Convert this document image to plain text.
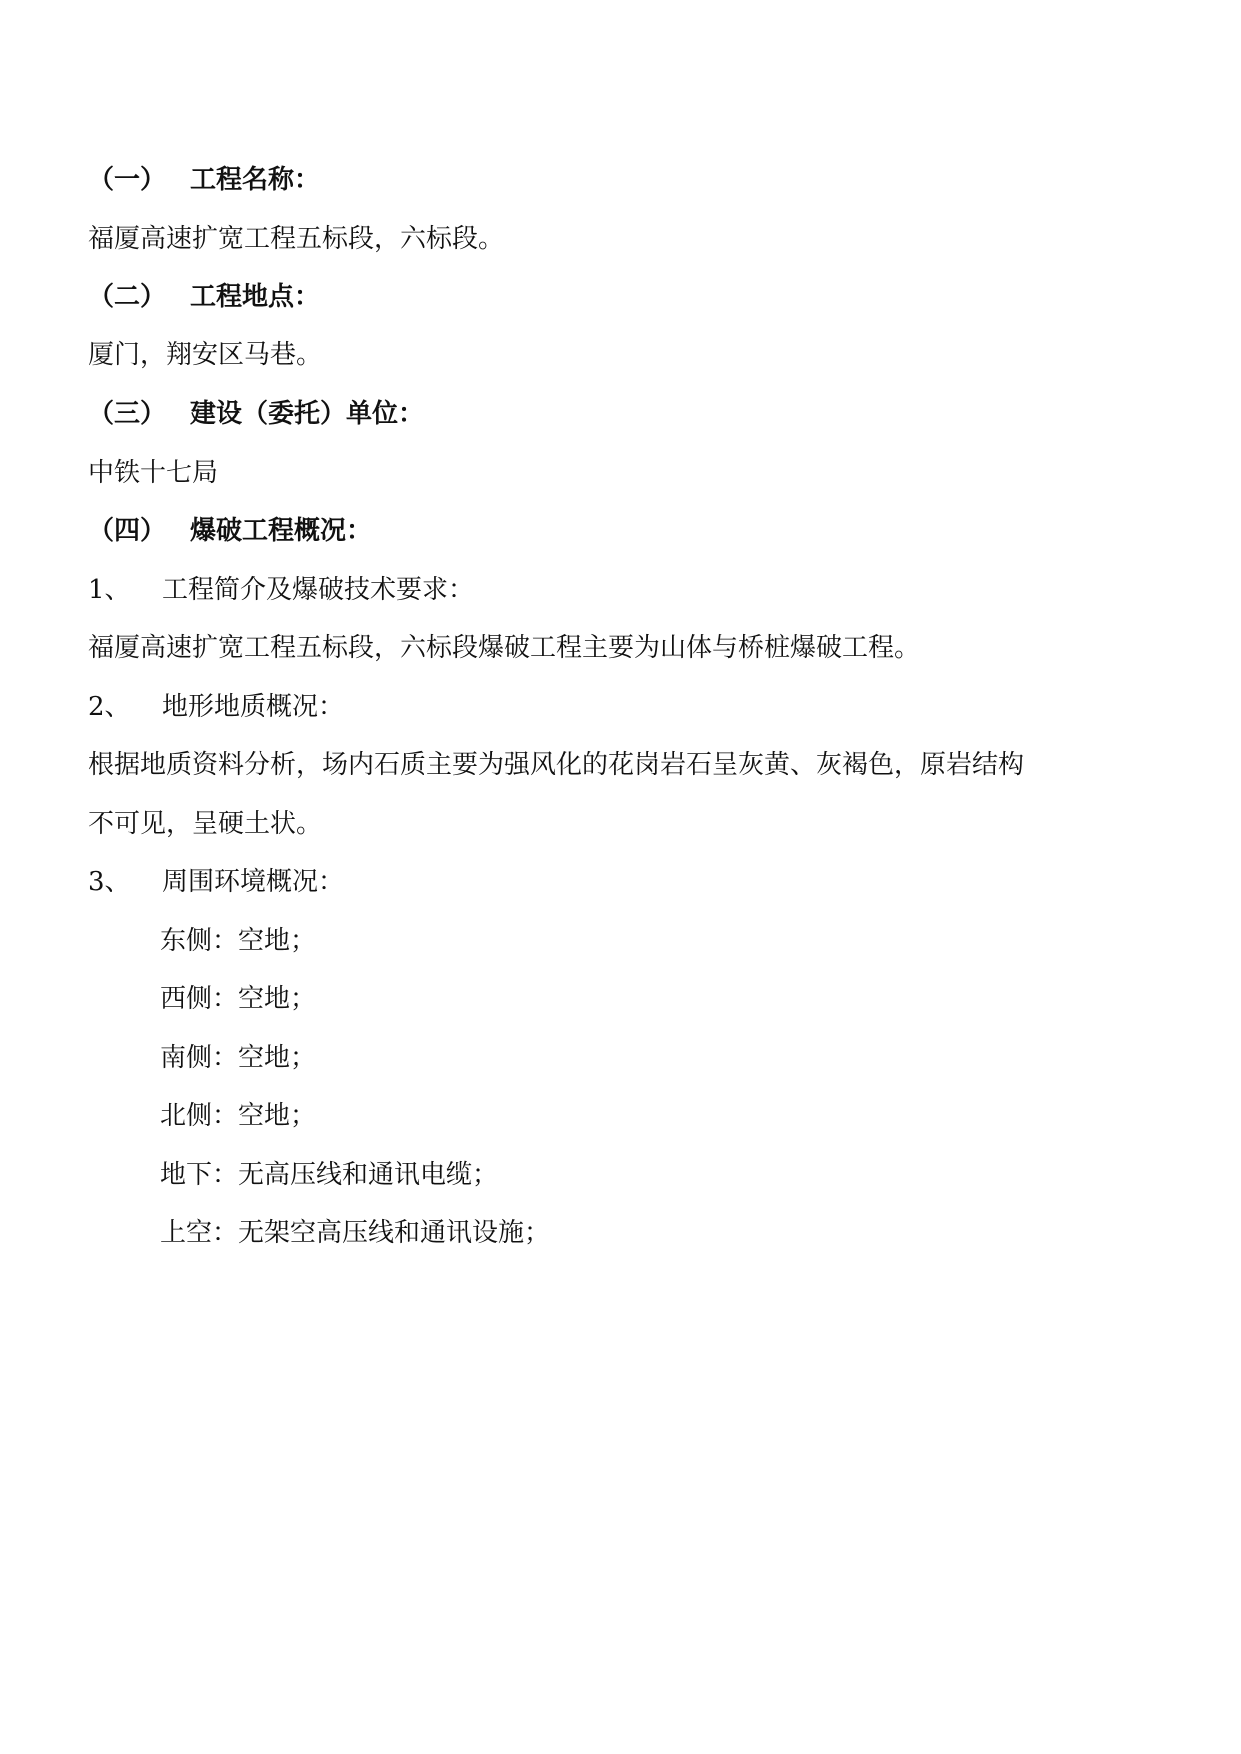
（一） 工程名称：
福厦高速扩宽工程五标段，六标段。
（二） 工程地点：
厦门，翔安区马巷。
（三） 建设（委托）单位：
中铁十七局
（四） 爆破工程概况：
1、 工程简介及爆破技术要求：
福厦高速扩宽工程五标段，六标段爆破工程主要为山体与桥桩爆破工程。
2、 地形地质概况：
根据地质资料分析，场内石质主要为强风化的花岗岩石呈灰黄、灰褐色，原岩结构
不可见，呈硬土状。
3、 周围环境概况：
东侧：空地；
西侧：空地；
南侧：空地；
北侧：空地；
地下：无高压线和通讯电缆；
上空：无架空高压线和通讯设施；
